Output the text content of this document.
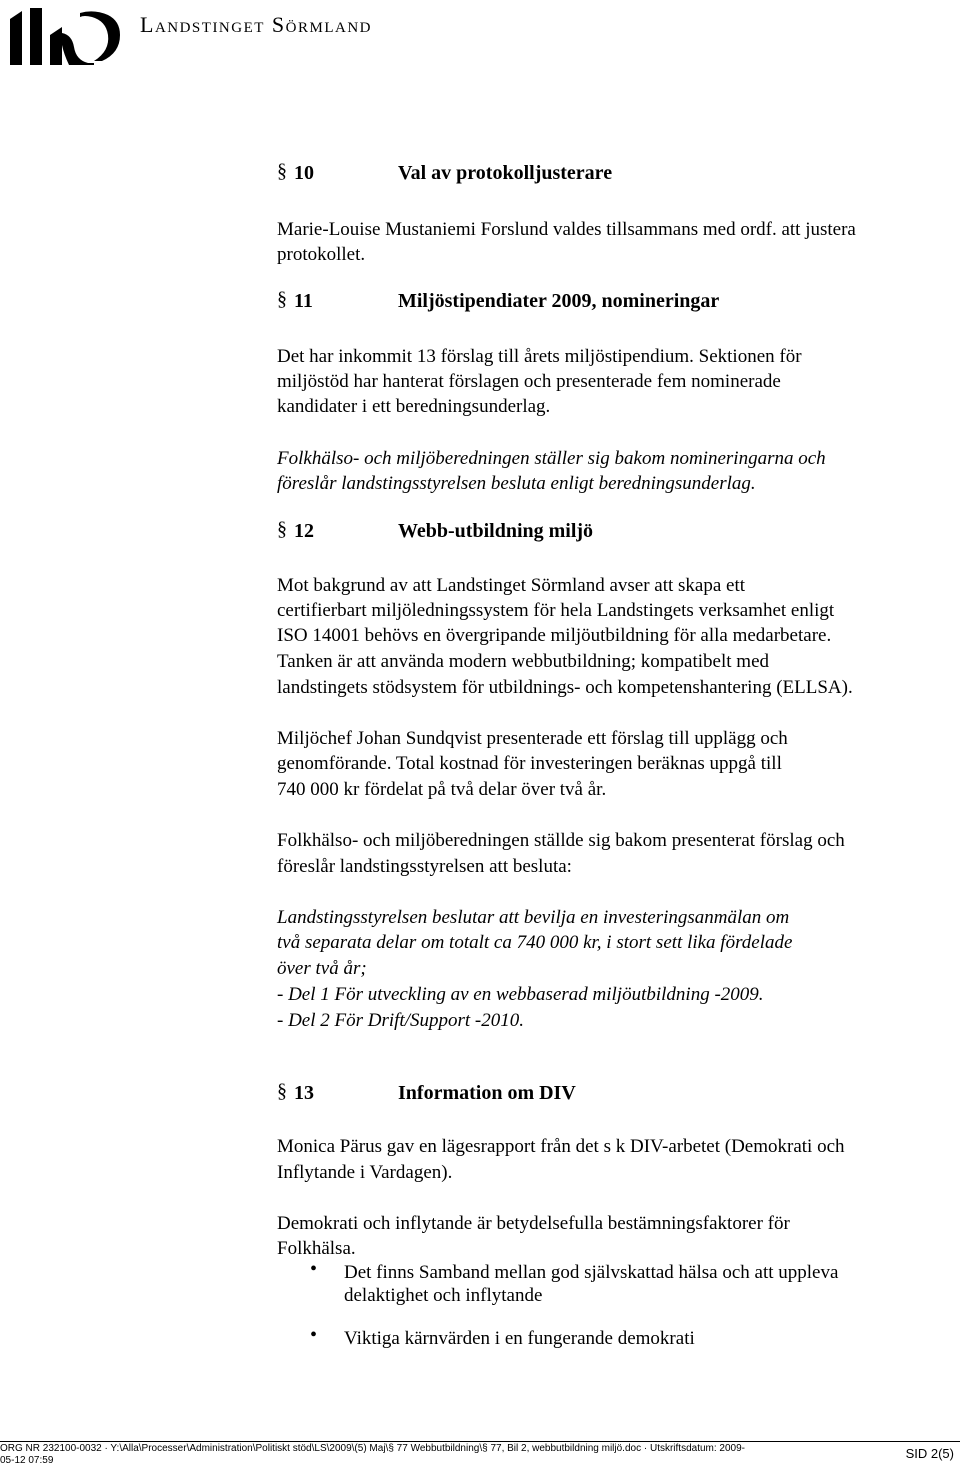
Landstinget Sörmland
§ 10	Val av protokolljusterare
Marie-Louise Mustaniemi Forslund valdes tillsammans med ordf. att justera
protokollet.
§ 11	Miljöstipendiater 2009, nomineringar
Det har inkommit 13 förslag till årets miljöstipendium. Sektionen för
miljöstöd har hanterat förslagen och presenterade fem nominerade
kandidater i ett beredningsunderlag.
Folkhälso- och miljöberedningen ställer sig bakom nomineringarna och
föreslår landstingsstyrelsen besluta enligt beredningsunderlag.
§ 12	Webb-utbildning miljö
Mot bakgrund av att Landstinget Sörmland avser att skapa ett
certifierbart miljöledningssystem för hela Landstingets verksamhet enligt
ISO 14001 behövs en övergripande miljöutbildning för alla medarbetare.
Tanken är att använda modern webbutbildning; kompatibelt med
landstingets stödsystem för utbildnings- och kompetenshantering (ELLSA).
Miljöchef Johan Sundqvist presenterade ett förslag till upplägg och
genomförande. Total kostnad för investeringen beräknas uppgå till
740 000 kr fördelat på två delar över två år.
Folkhälso- och miljöberedningen ställde sig bakom presenterat förslag och
föreslår landstingsstyrelsen att besluta:
Landstingsstyrelsen beslutar att bevilja en investeringsanmälan om
två separata delar om totalt ca 740 000 kr, i stort sett lika fördelade
över två år;
- Del 1 För utveckling av en webbaserad miljöutbildning -2009.
- Del 2 För Drift/Support -2010.
§ 13	Information om DIV
Monica Pärus gav en lägesrapport från det s k DIV-arbetet (Demokrati och
Inflytande i Vardagen).
Demokrati och inflytande är betydelsefulla bestämningsfaktorer för
Folkhälsa.
• Det finns Samband mellan god självskattad hälsa och att uppleva
delaktighet och inflytande
• Viktiga kärnvärden i en fungerande demokrati
ORG NR 232100-0032 · Y:\Alla\Processer\Administration\Politiskt stöd\LS\2009\(5) Maj\§ 77 Webbutbildning\§ 77, Bil 2, webbutbildning miljö.doc · Utskriftsdatum: 2009-
05-12 07:59	SID 2(5)
